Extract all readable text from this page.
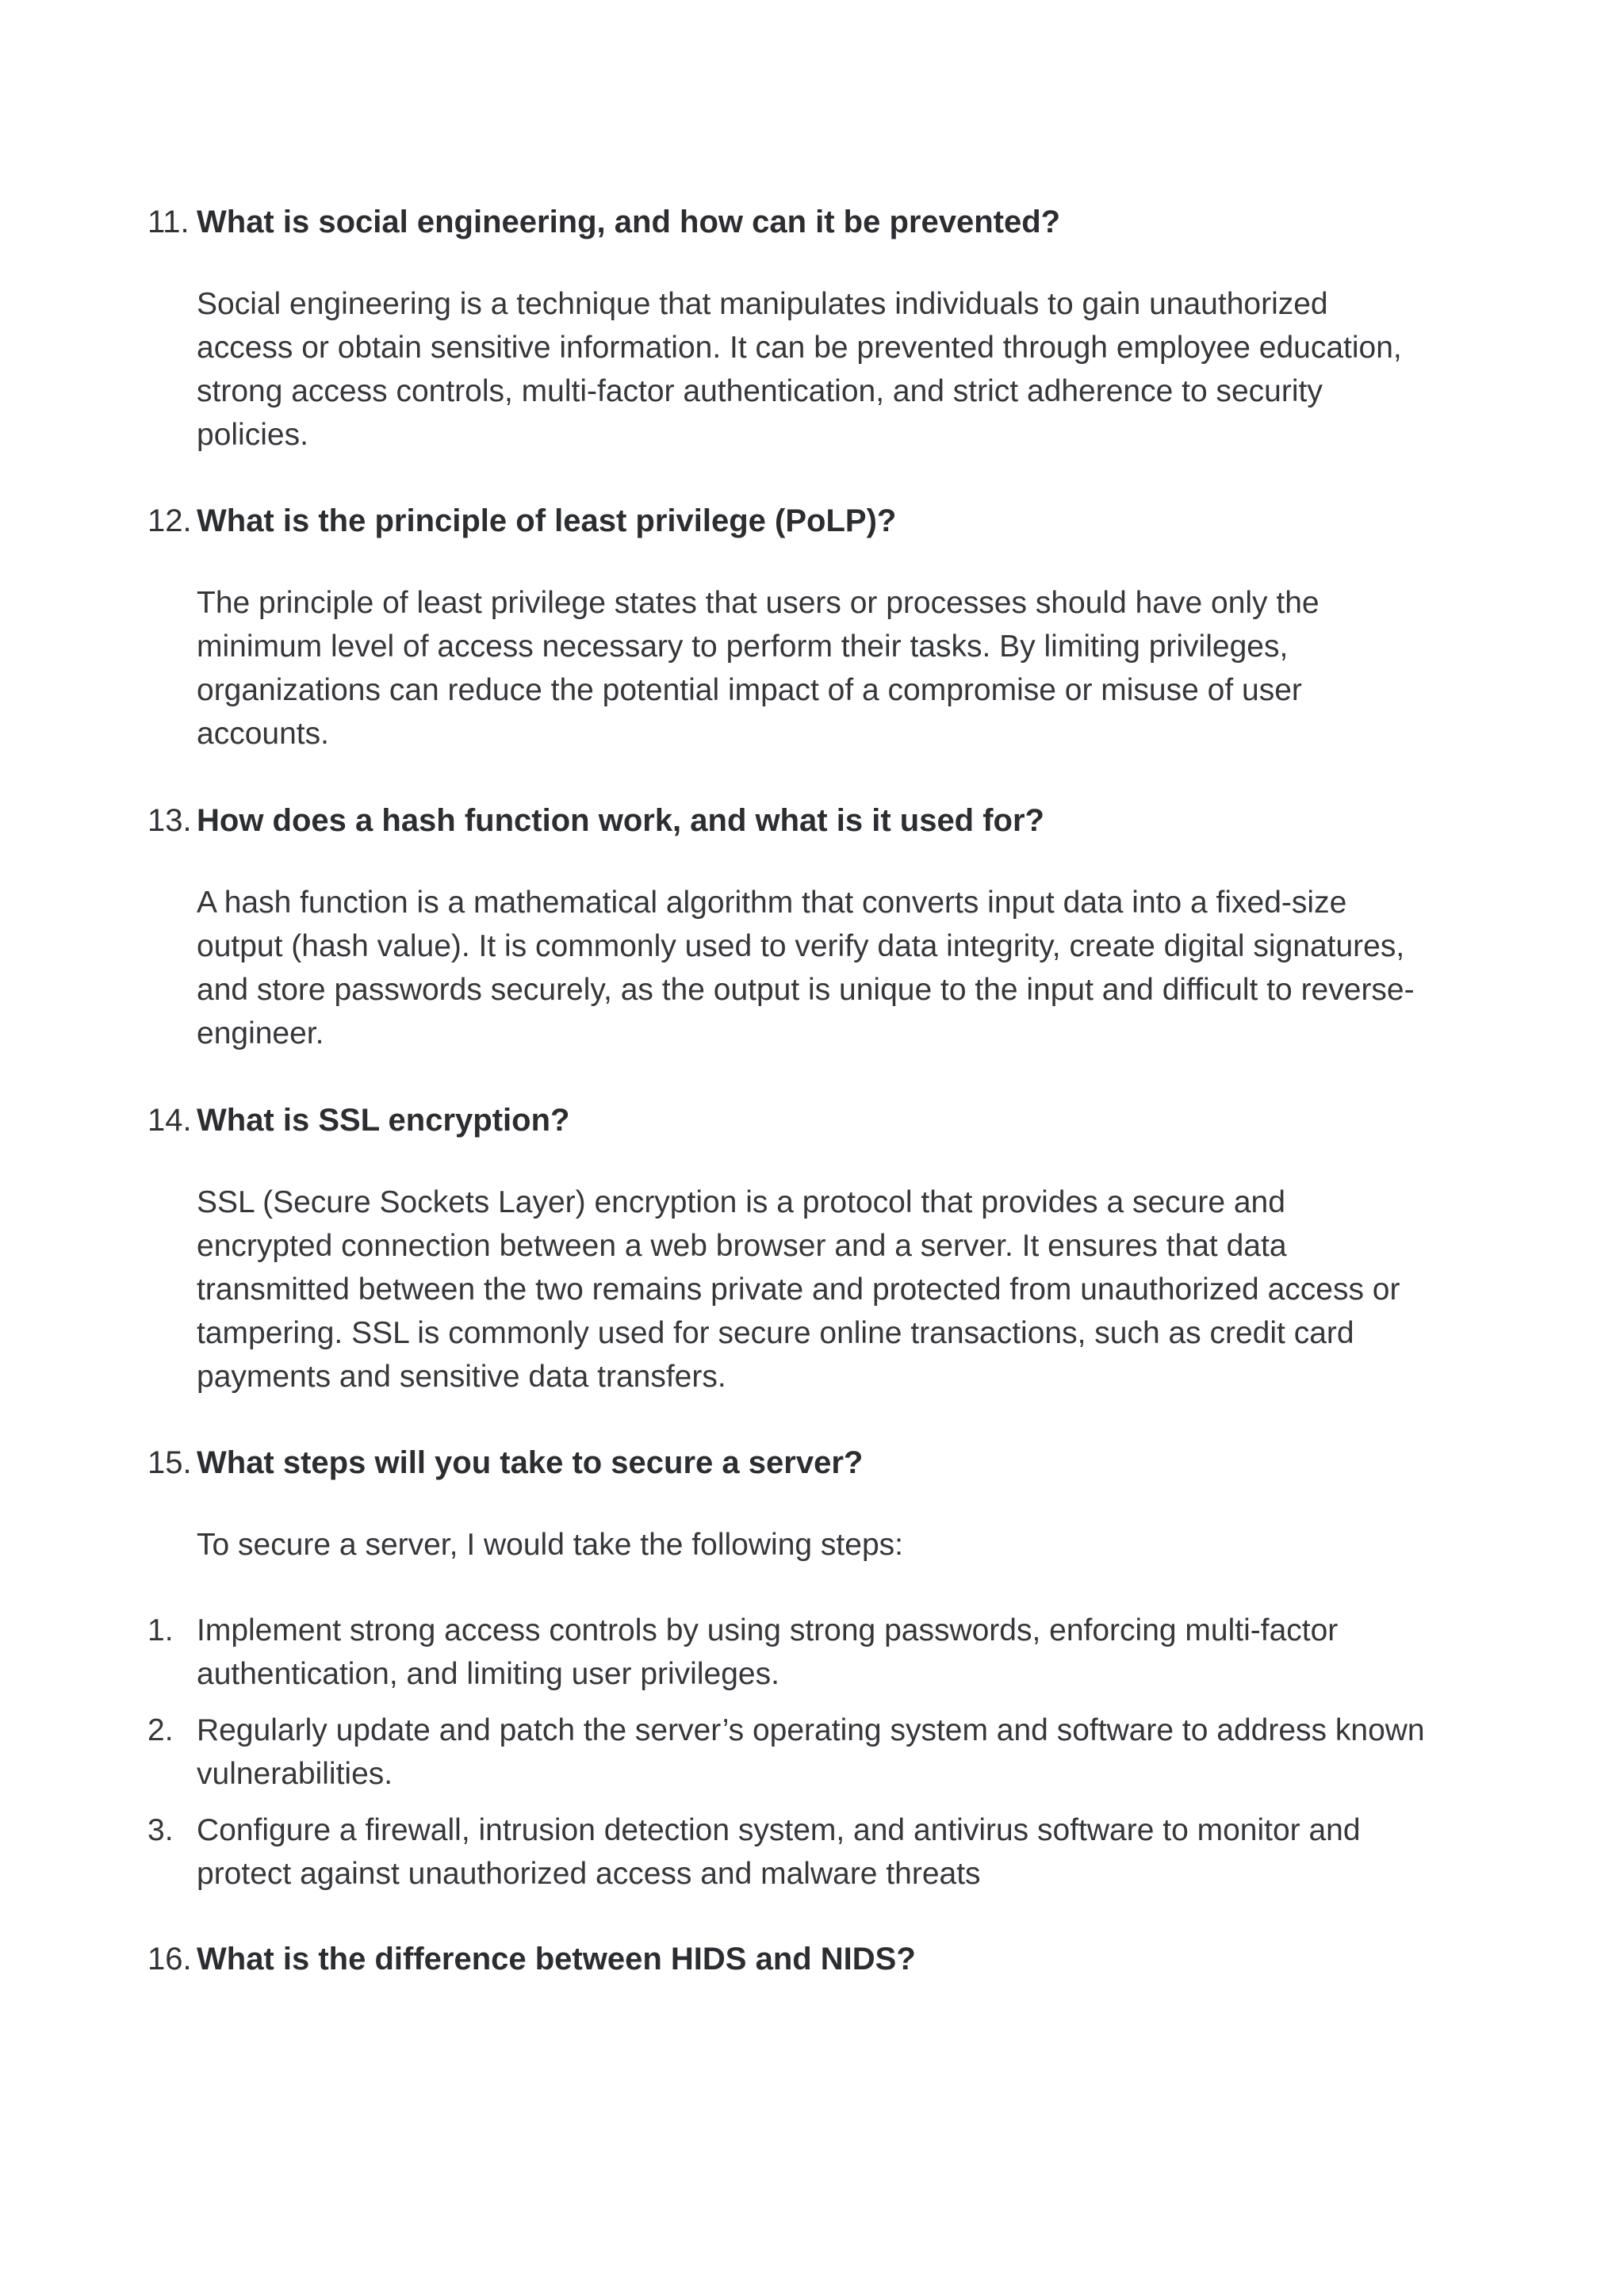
11. What is social engineering, and how can it be prevented?
Social engineering is a technique that manipulates individuals to gain unauthorized access or obtain sensitive information. It can be prevented through employee education, strong access controls, multi-factor authentication, and strict adherence to security policies.
12. What is the principle of least privilege (PoLP)?
The principle of least privilege states that users or processes should have only the minimum level of access necessary to perform their tasks. By limiting privileges, organizations can reduce the potential impact of a compromise or misuse of user accounts.
13. How does a hash function work, and what is it used for?
A hash function is a mathematical algorithm that converts input data into a fixed-size output (hash value). It is commonly used to verify data integrity, create digital signatures, and store passwords securely, as the output is unique to the input and difficult to reverse-engineer.
14. What is SSL encryption?
SSL (Secure Sockets Layer) encryption is a protocol that provides a secure and encrypted connection between a web browser and a server. It ensures that data transmitted between the two remains private and protected from unauthorized access or tampering. SSL is commonly used for secure online transactions, such as credit card payments and sensitive data transfers.
15. What steps will you take to secure a server?
To secure a server, I would take the following steps:
1. Implement strong access controls by using strong passwords, enforcing multi-factor authentication, and limiting user privileges.
2. Regularly update and patch the server’s operating system and software to address known vulnerabilities.
3. Configure a firewall, intrusion detection system, and antivirus software to monitor and protect against unauthorized access and malware threats
16. What is the difference between HIDS and NIDS?
